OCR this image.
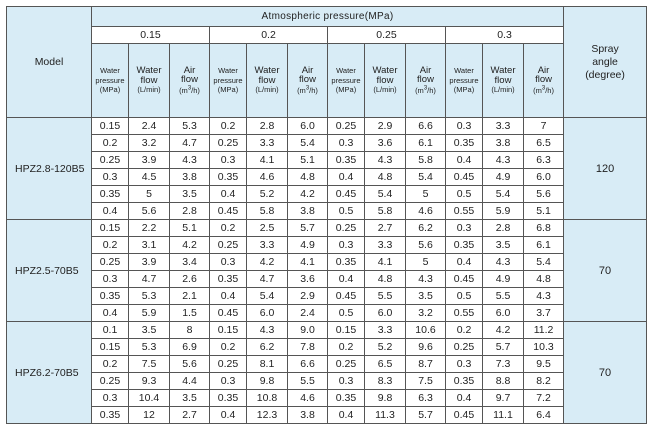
Model	Atmospheric pressure(MPa)												Spray
angle
(degree)
	0.15			0.2			0.25			0.3			
	Water
pressure
(MPa)	Water
flow
(L/min)	Air
flow
$(m^3/h)$	Water
pressure
(MPa)	Water
flow
(L/min)	Air
flow
$(m^3/h)$	Water
pressure
(MPa)	Water
flow
(L/min)	Air
flow
$(m^3/h)$	Water
pressure
(MPa)	Water
flow
(L/min)	Air
flow
$(m^3/h)$	
HPZ2.8-120B5	0.15	2.4	5.3	0.2	2.8	6.0	0.25	2.9	6.6	0.3	3.3	7	120
	0.2	3.2	4.7	0.25	3.3	5.4	0.3	3.6	6.1	0.35	3.8	6.5	
	0.25	3.9	4.3	0.3	4.1	5.1	0.35	4.3	5.8	0.4	4.3	6.3	
	0.3	4.5	3.8	0.35	4.6	4.8	0.4	4.8	5.4	0.45	4.9	6.0	
	0.35	5	3.5	0.4	5.2	4.2	0.45	5.4	5	0.5	5.4	5.6	
	0.4	5.6	2.8	0.45	5.8	3.8	0.5	5.8	4.6	0.55	5.9	5.1	
HPZ2.5-70B5	0.15	2.2	5.1	0.2	2.5	5.7	0.25	2.7	6.2	0.3	2.8	6.8	70
	0.2	3.1	4.2	0.25	3.3	4.9	0.3	3.3	5.6	0.35	3.5	6.1	
	0.25	3.9	3.4	0.3	4.2	4.1	0.35	4.1	5	0.4	4.3	5.4	
	0.3	4.7	2.6	0.35	4.7	3.6	0.4	4.8	4.3	0.45	4.9	4.8	
	0.35	5.3	2.1	0.4	5.4	2.9	0.45	5.5	3.5	0.5	5.5	4.3	
	0.4	5.9	1.5	0.45	6.0	2.4	0.5	6.0	3.2	0.55	6.0	3.7	
HPZ6.2-70B5	0.1	3.5	8	0.15	4.3	9.0	0.15	3.3	10.6	0.2	4.2	11.2	70
	0.15	5.3	6.9	0.2	6.2	7.8	0.2	5.2	9.6	0.25	5.7	10.3	
	0.2	7.5	5.6	0.25	8.1	6.6	0.25	6.5	8.7	0.3	7.3	9.5	
	0.25	9.3	4.4	0.3	9.8	5.5	0.3	8.3	7.5	0.35	8.8	8.2	
	0.3	10.4	3.5	0.35	10.8	4.6	0.35	9.8	6.3	0.4	9.7	7.2	
	0.35	12	2.7	0.4	12.3	3.8	0.4	11.3	5.7	0.45	11.1	6.4	
